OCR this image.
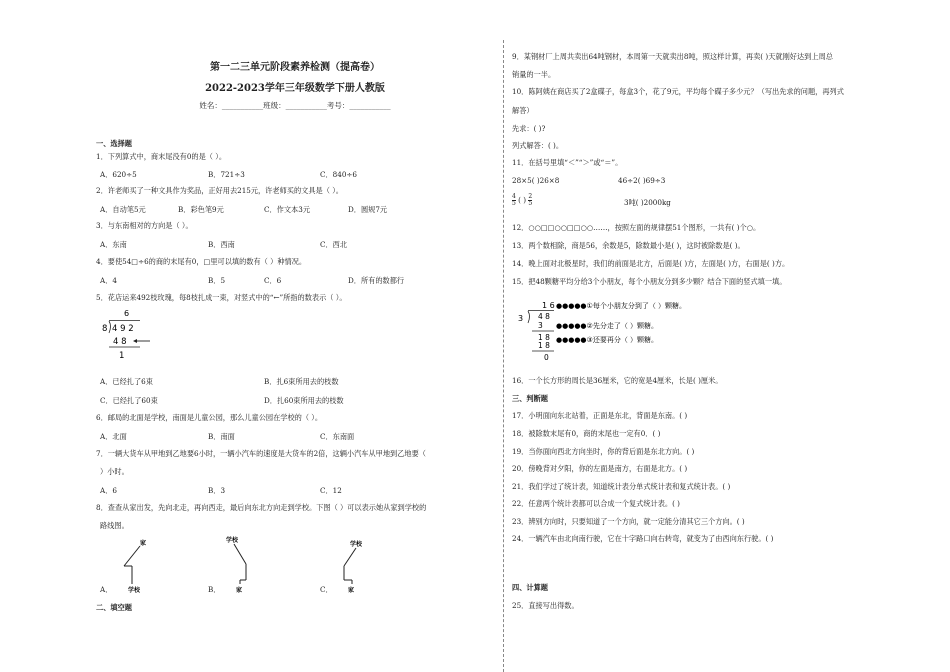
第一二三单元阶段素养检测（提高卷）
2022-2023学年三年级数学下册人教版
姓名：___________班级：___________考号：___________
一、选择题
1．下列算式中，商末尾没有0的是（ ）。
A．620÷5	B．721÷3	C．840÷6
2．许老师买了一种文具作为奖品，正好用去215元，许老师买的文具是（ ）。
A．自动笔5元	B．彩色笔9元	C．作文本3元	D．圆规7元
3．与东南相对的方向是（ ）。
A．东南	B．西南	C．西北
4．要使54□÷6的商的末尾有0，□里可以填的数有（ ）种情况。
A．4	B．5	C．6	D．所有的数都行
5．花店运来492枝玫瑰，每8枝扎成一束，对竖式中的“←”所指的数表示（ ）。
6
8 4 9 2
4 8
1
A．已经扎了6束	B．扎6束所用去的枝数
C．已经扎了60束	D．扎60束所用去的枝数
6．邮局的北面是学校，南面是儿童公园，那么儿童公园在学校的（ ）。
A．北面	B．南面	C．东南面
7．一辆大货车从甲地到乙地要6小时，一辆小汽车的速度是大货车的2倍，这辆小汽车从甲地到乙地要（
）小时。
A．6	B．3	C．12
8．查查从家出发，先向北走，再向西走，最后向东北方向走到学校。下图（ ）可以表示她从家到学校的
路线图。
家
学校
学校
家
学校
家
A．	B．	C．
二、填空题
9．某钢材厂上周共卖出64吨钢材，本周第一天就卖出8吨，照这样计算，再卖( )天就刚好达到上周总
销量的一半。
10．陈阿姨在商店买了2盒碟子，每盒3个，花了9元，平均每个碟子多少元？（写出先求的问题，再列式
解答）
先求：( )?
列式解答：( )。
11．在括号里填“＜”“＞”或“＝”。
28×5( )26×8	46÷2( )69÷3
$\frac{4}{5}$ ( ) $\frac{2}{5}$	3吨( )2000kg
12．○○□□○○□□○○……，按照左面的规律摆51个图形，一共有( )个○。
13．两个数相除，商是56，余数是5，除数最小是( )，这时被除数是( )。
14．晚上面对北极星时，我们的前面是北方，后面是( )方，左面是( )方，右面是( )方。
15．把48颗糖平均分给3个小朋友，每个小朋友分到多少颗？结合下面的竖式填一填。
1 6
3 4 8
3
1 8
1 8
0
●●●●●①每个小朋友分到了（ ）颗糖。
●●●●●②先分走了（ ）颗糖。
●●●●●③还要再分（ ）颗糖。
16．一个长方形的周长是36厘米，它的宽是4厘米，长是( )厘米。
三、判断题
17．小明面向东北站着，正面是东北，背面是东南。( )
18．被除数末尾有0，商的末尾也一定有0．( )
19．当你面向西北方向坐时，你的背后面是东北方向。( )
20．傍晚背对夕阳，你的左面是南方，右面是北方。( )
21．我们学过了统计表，知道统计表分单式统计表和复式统计表。( )
22．任意两个统计表都可以合成一个复式统计表。( )
23．辨别方向时，只要知道了一个方向，就一定能分清其它三个方向。( )
24．一辆汽车由北向南行驶，它在十字路口向右转弯，就变为了由西向东行驶。( )
四、计算题
25．直接写出得数。
